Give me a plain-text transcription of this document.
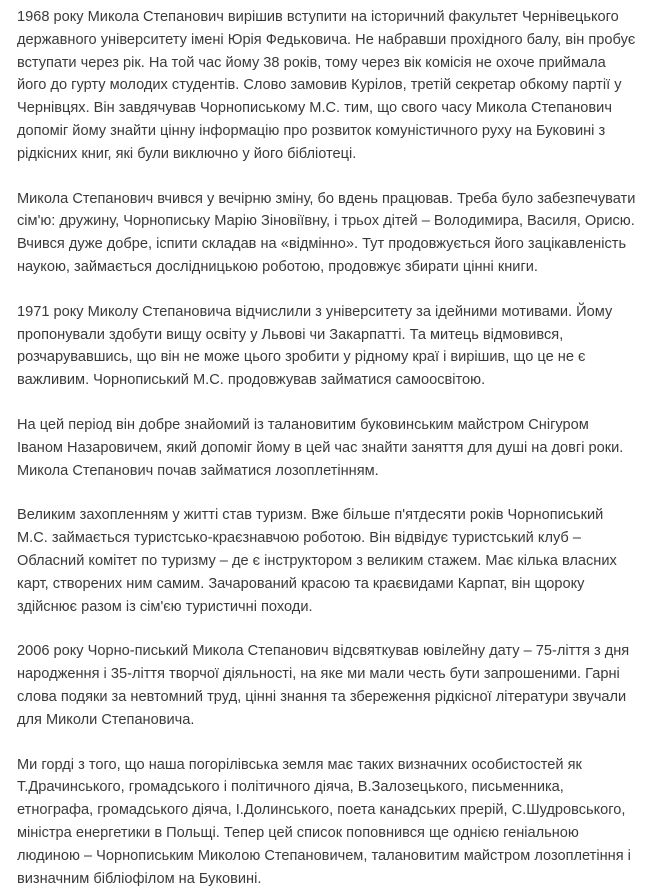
1968 року Микола Степанович вирішив вступити на історичний факультет Чернівецького державного університету імені Юрія Федьковича. Не набравши прохідного балу, він пробує вступати через рік. На той час йому 38 років, тому через вік комісія не охоче приймала його до гурту молодих студентів. Слово замовив Курілов, третій секретар обкому партії у Чернівцях. Він завдячував Чорнопиському М.С. тим, що свого часу Микола Степанович допоміг йому знайти цінну інформацію про розвиток комуністичного руху на Буковині з рідкісних книг, які були виключно у його бібліотеці.

Микола Степанович вчився у вечірню зміну, бо вдень працював. Треба було забезпечувати сім'ю: дружину, Чорнопиську Марію Зіновіївну, і трьох дітей – Володимира, Василя, Орисю. Вчився дуже добре, іспити складав на «відмінно». Тут продовжується його зацікавленість наукою, займається дослідницькою роботою, продовжує збирати цінні книги.

1971 року Миколу Степановича відчислили з університету за ідейними мотивами. Йому пропонували здобути вищу освіту у Львові чи Закарпатті. Та митець відмовився, розчарувавшись, що він не може цього зробити у рідному краї і вирішив, що це не є важливим. Чорнописький М.С. продовжував займатися самоосвітою.

На цей період він добре знайомий із талановитим буковинським майстром Снігуром Іваном Назаровичем, який допоміг йому в цей час знайти заняття для душі на довгі роки. Микола Степанович почав займатися лозоплетінням.

Великим захопленням у житті став туризм. Вже більше п'ятдесяти років Чорнописький М.С. займається туристсько-краєзнавчою роботою. Він відвідує туристський клуб – Обласний комітет по туризму – де є інструктором з великим стажем. Має кілька власних карт, створених ним самим. Зачарований красою та краєвидами Карпат, він щороку здійснює разом із сім'єю туристичні походи.

2006 року Чорно-писький Микола Степанович відсвяткував ювілейну дату – 75-ліття з дня народження і 35-ліття творчої діяльності, на яке ми мали честь бути запрошеними. Гарні слова подяки за невтомний труд, цінні знання та збереження рідкісної літератури звучали для Миколи Степановича.

Ми горді з того, що наша погорілівська земля має таких визначних особистостей як Т.Драчинського, громадського і політичного діяча, В.Залозецького, письменника, етнографа, громадського діяча, І.Долинського, поета канадських прерій, С.Шудровського, міністра енергетики в Польщі. Тепер цей список поповнився ще однією геніальною людиною – Чорнопиським Миколою Степановичем, талановитим майстром лозоплетіння і визначним бібліофілом на Буковині.
